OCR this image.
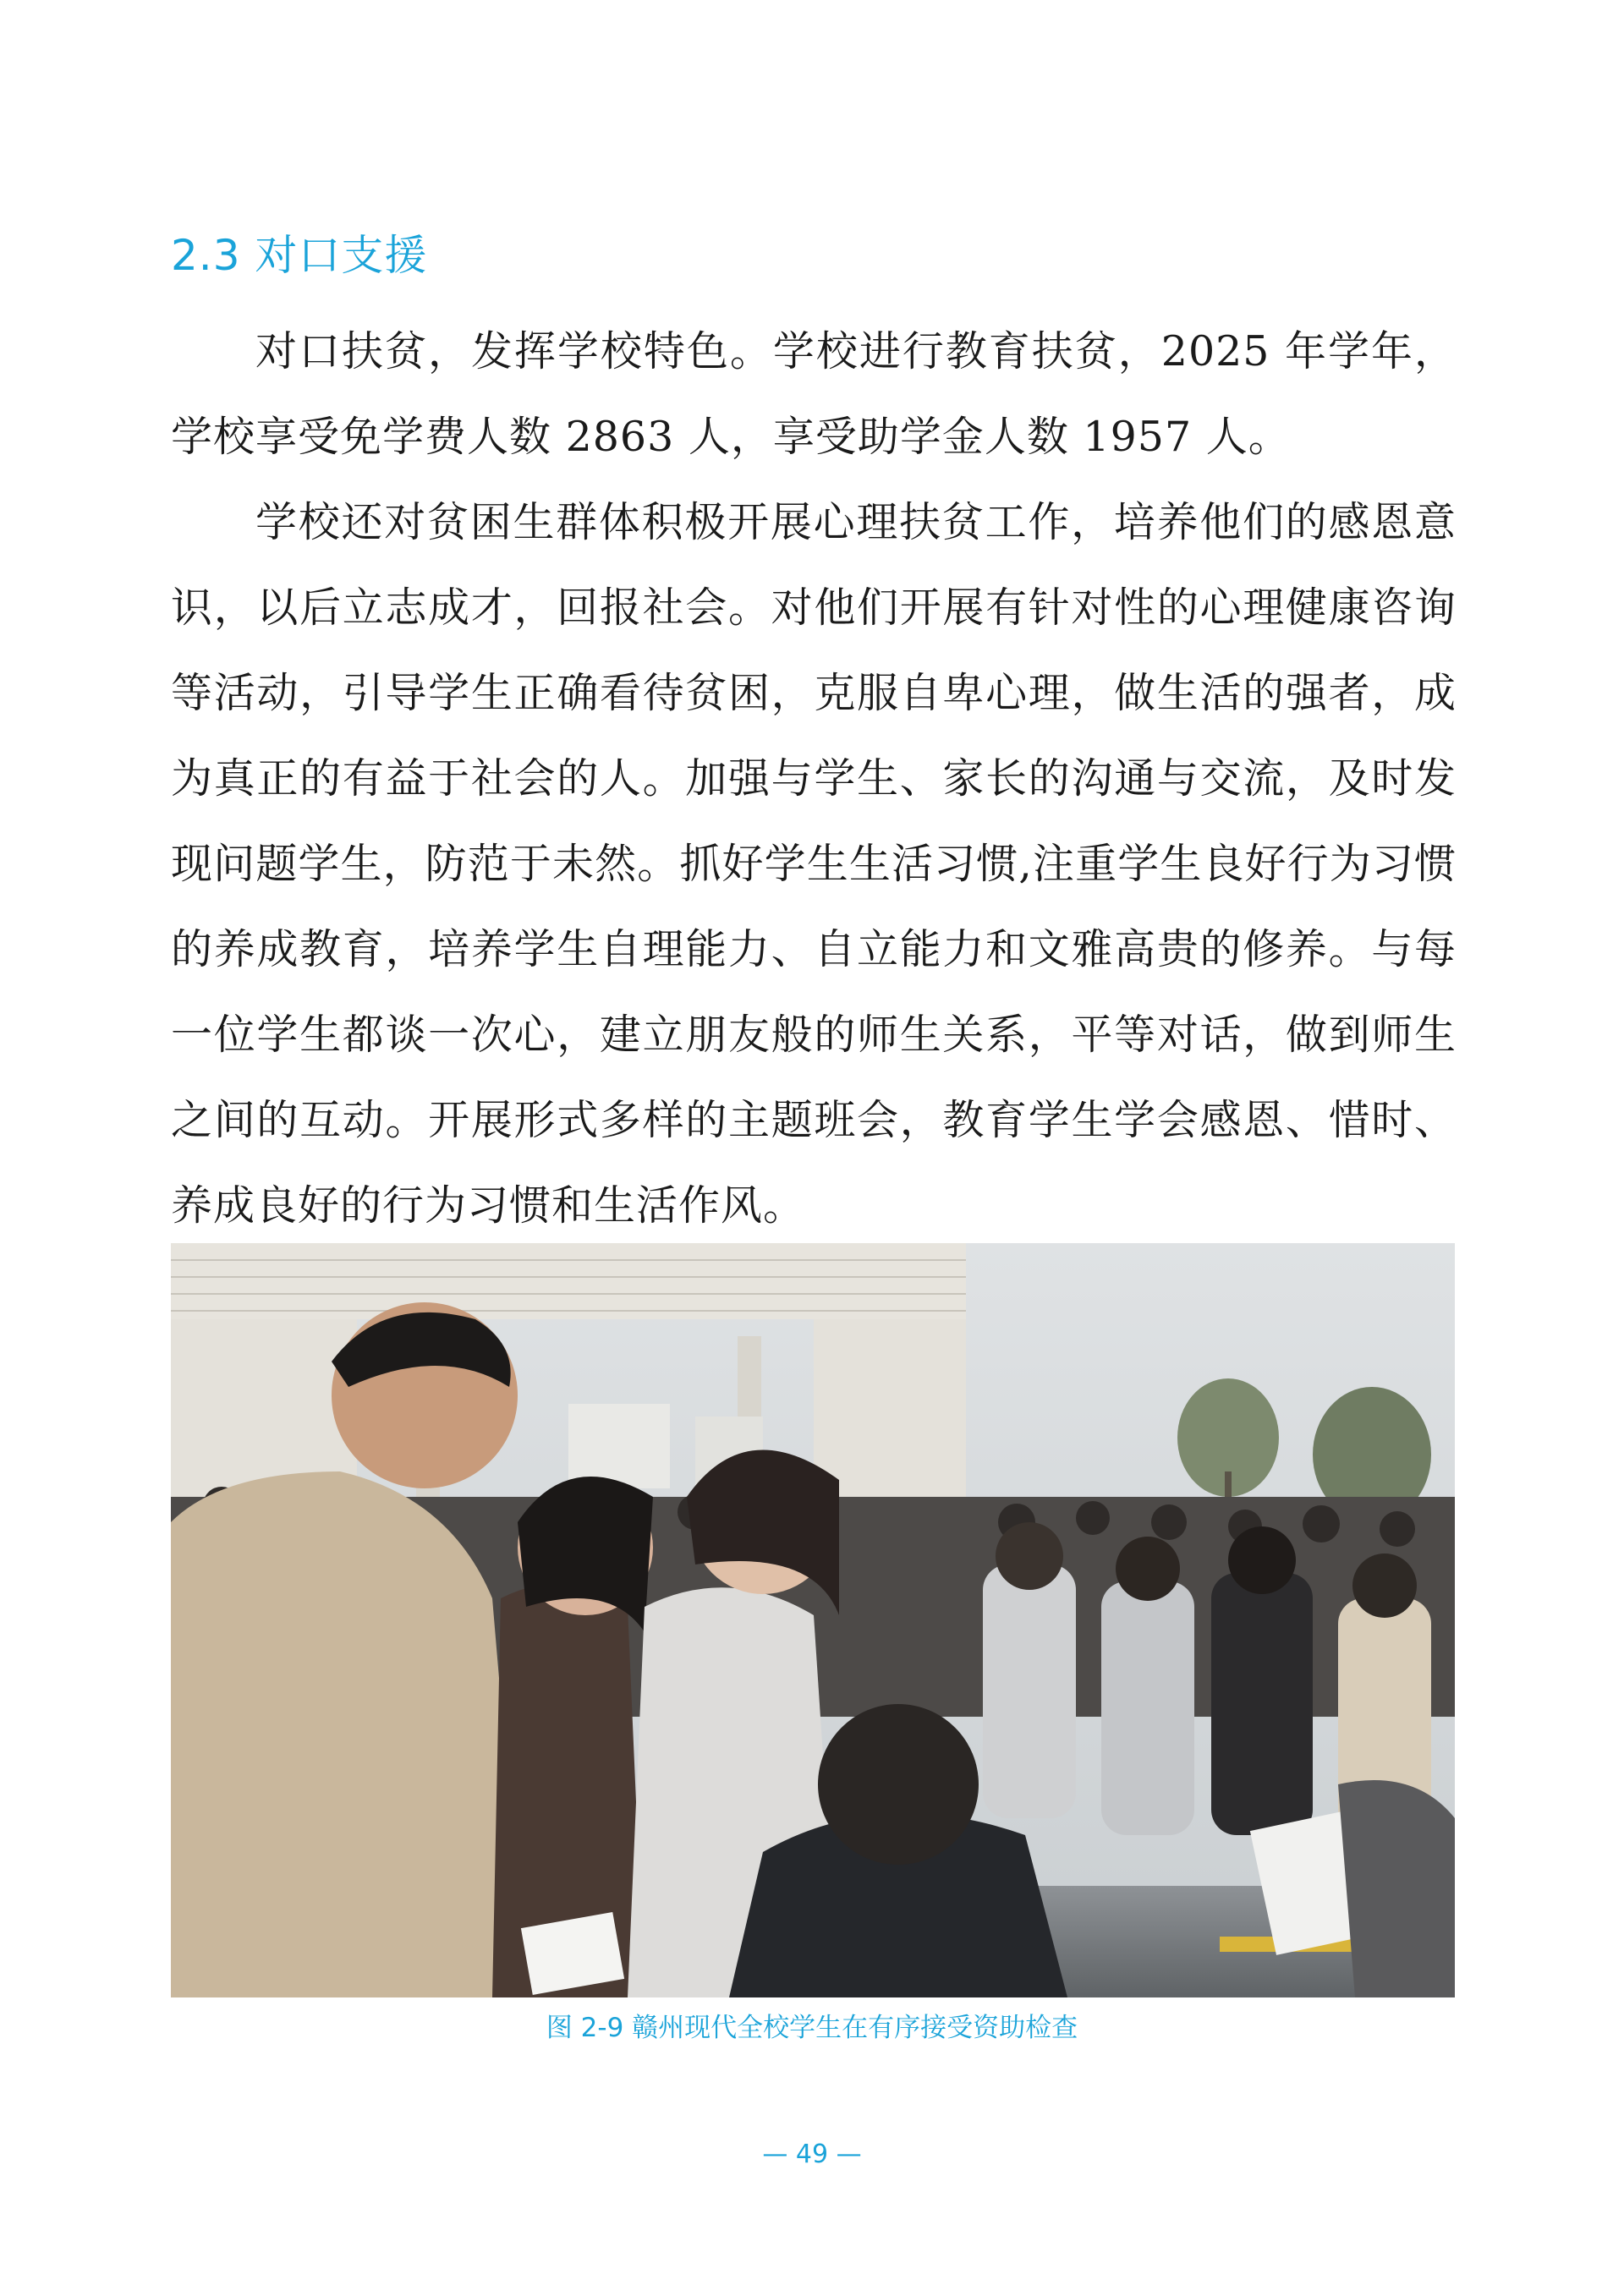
2.3 对口支援

对口扶贫，发挥学校特色。学校进行教育扶贫，2025 年学年，学校享受免学费人数 2863 人，享受助学金人数 1957 人。

学校还对贫困生群体积极开展心理扶贫工作，培养他们的感恩意识，以后立志成才，回报社会。对他们开展有针对性的心理健康咨询等活动，引导学生正确看待贫困，克服自卑心理，做生活的强者，成为真正的有益于社会的人。加强与学生、家长的沟通与交流，及时发现问题学生，防范于未然。抓好学生生活习惯,注重学生良好行为习惯的养成教育，培养学生自理能力、自立能力和文雅高贵的修养。与每一位学生都谈一次心，建立朋友般的师生关系，平等对话，做到师生之间的互动。开展形式多样的主题班会，教育学生学会感恩、惜时、养成良好的行为习惯和生活作风。

图 2-9 赣州现代全校学生在有序接受资助检查
— 49 —
